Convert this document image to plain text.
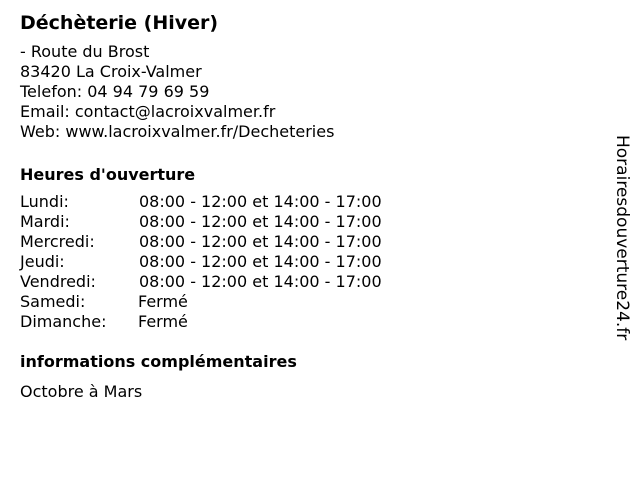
Déchèterie (Hiver)
- Route du Brost
83420 La Croix-Valmer
Telefon: 04 94 79 69 59
Email: contact@lacroixvalmer.fr
Web: www.lacroixvalmer.fr/Decheteries
Heures d'ouverture
Lundi:	08:00 - 12:00 et 14:00 - 17:00
Mardi:	08:00 - 12:00 et 14:00 - 17:00
Mercredi:	08:00 - 12:00 et 14:00 - 17:00
Jeudi:	08:00 - 12:00 et 14:00 - 17:00
Vendredi:	08:00 - 12:00 et 14:00 - 17:00
Samedi:	Fermé
Dimanche:	Fermé
informations complémentaires
Octobre à Mars
Horairesdouverture24.fr
